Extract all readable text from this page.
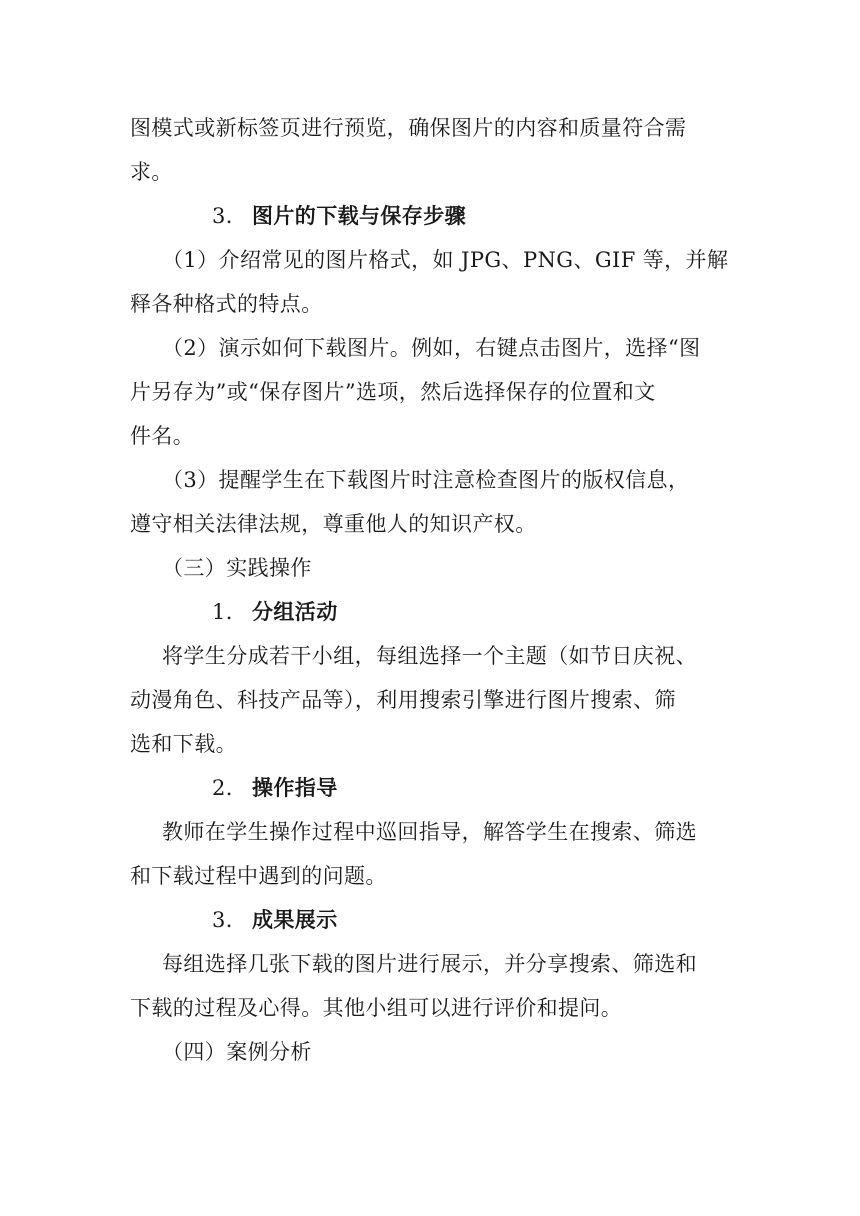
图模式或新标签页进行预览，确保图片的内容和质量符合需
求。
3. 图片的下载与保存步骤
（1）介绍常见的图片格式，如 JPG、PNG、GIF 等，并解
释各种格式的特点。
（2）演示如何下载图片。例如，右键点击图片，选择“图
片另存为”或“保存图片”选项，然后选择保存的位置和文
件名。
（3）提醒学生在下载图片时注意检查图片的版权信息，
遵守相关法律法规，尊重他人的知识产权。
（三）实践操作
1. 分组活动
将学生分成若干小组，每组选择一个主题（如节日庆祝、
动漫角色、科技产品等），利用搜索引擎进行图片搜索、筛
选和下载。
2. 操作指导
教师在学生操作过程中巡回指导，解答学生在搜索、筛选
和下载过程中遇到的问题。
3. 成果展示
每组选择几张下载的图片进行展示，并分享搜索、筛选和
下载的过程及心得。其他小组可以进行评价和提问。
（四）案例分析
